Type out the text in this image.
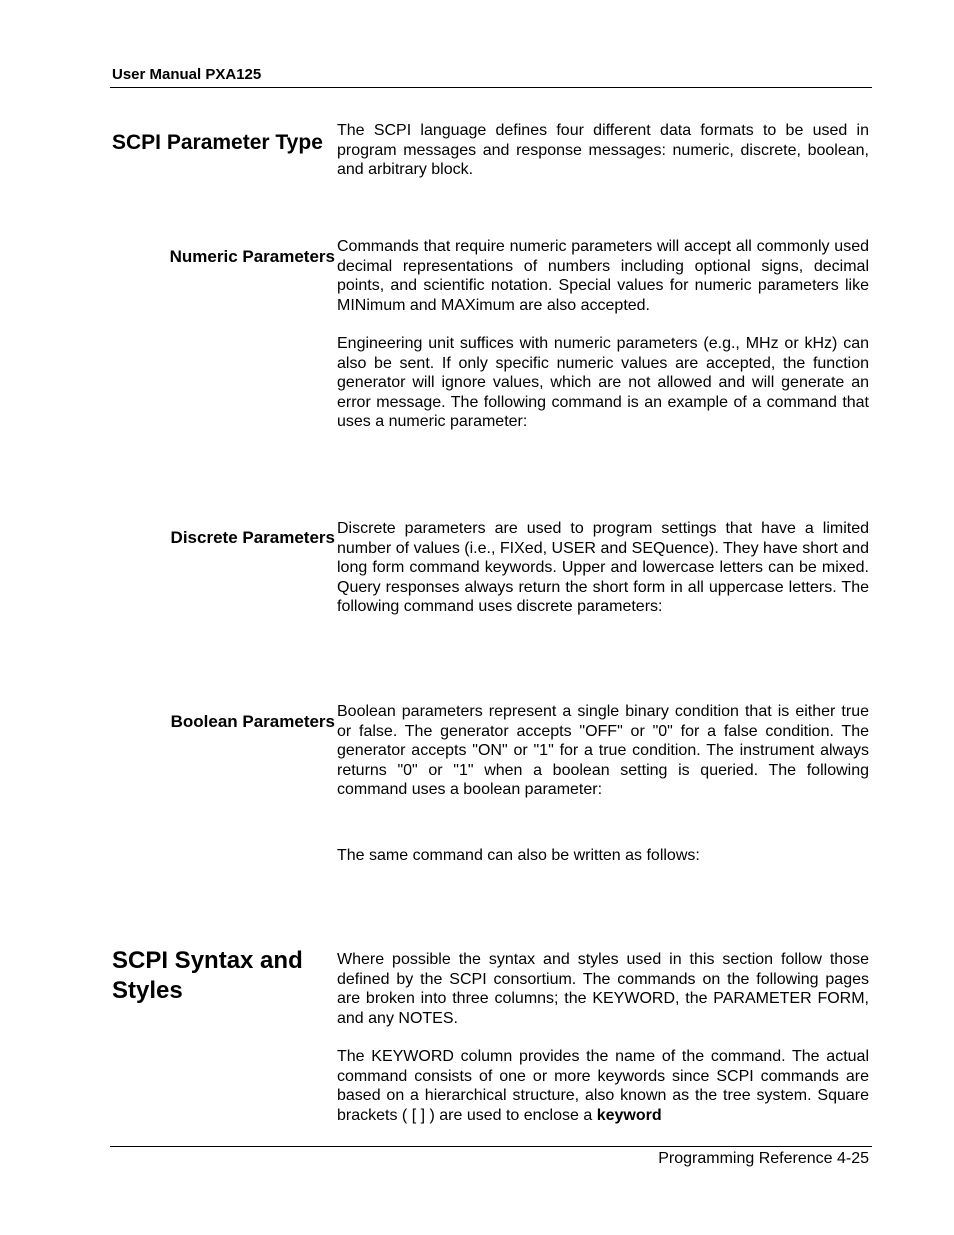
User Manual PXA125
SCPI Parameter Type
The SCPI language defines four different data formats to be used in program messages and response messages: numeric, discrete, boolean, and arbitrary block.
Numeric Parameters
Commands that require numeric parameters will accept all commonly used decimal representations of numbers including optional signs, decimal points, and scientific notation. Special values for numeric parameters like MINimum and MAXimum are also accepted.
Engineering unit suffices with numeric parameters (e.g., MHz or kHz) can also be sent. If only specific numeric values are accepted, the function generator will ignore values, which are not allowed and will generate an error message. The following command is an example of a command that uses a numeric parameter:
Discrete Parameters Discrete parameters are used to program settings that have a limited number of values (i.e., FIXed, USER and SEQuence). They have short and long form command keywords. Upper and lowercase letters can be mixed. Query responses always return the short form in all uppercase letters. The following command uses discrete parameters:
Boolean Parameters
Boolean parameters represent a single binary condition that is either true or false. The generator accepts "OFF" or "0" for a false condition. The generator accepts "ON" or "1" for a true condition. The instrument always returns "0" or "1" when a boolean setting is queried. The following command uses a boolean parameter:
The same command can also be written as follows:
SCPI Syntax and
Styles
Where possible the syntax and styles used in this section follow those defined by the SCPI consortium. The commands on the following pages are broken into three columns; the KEYWORD, the PARAMETER FORM, and any NOTES.
The KEYWORD column provides the name of the command. The actual command consists of one or more keywords since SCPI commands are based on a hierarchical structure, also known as the tree system. Square brackets ( [ ] ) are used to enclose a keyword
Programming Reference 4-25
